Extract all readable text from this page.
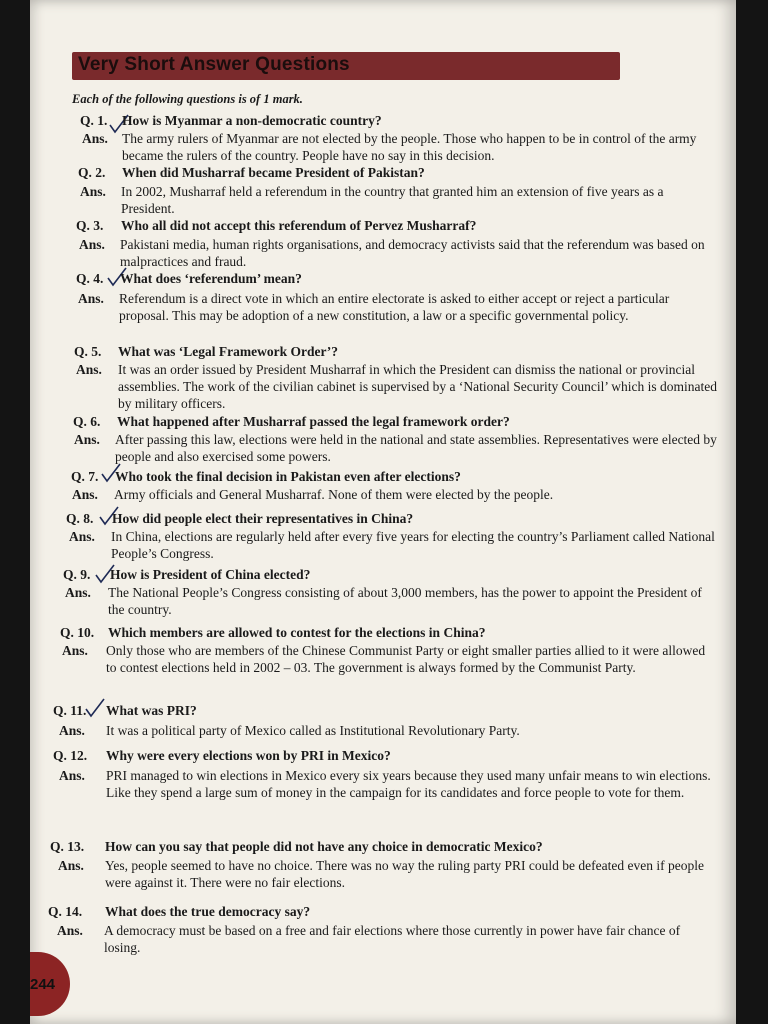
Very Short Answer Questions
Each of the following questions is of 1 mark.
244
Q. 1. How is Myanmar a non-democratic country?
Ans. The army rulers of Myanmar are not elected by the people. Those who happen to be in control of the army became the rulers of the country. People have no say in this decision.
Q. 2. When did Musharraf became President of Pakistan?
Ans. In 2002, Musharraf held a referendum in the country that granted him an extension of five years as a President.
Q. 3. Who all did not accept this referendum of Pervez Musharraf?
Ans. Pakistani media, human rights organisations, and democracy activists said that the referendum was based on malpractices and fraud.
Q. 4. What does ‘referendum’ mean?
Ans. Referendum is a direct vote in which an entire electorate is asked to either accept or reject a particular proposal. This may be adoption of a new constitution, a law or a specific governmental policy.
Q. 5. What was ‘Legal Framework Order’?
Ans. It was an order issued by President Musharraf in which the President can dismiss the national or provincial assemblies. The work of the civilian cabinet is supervised by a ‘National Security Council’ which is dominated by military officers.
Q. 6. What happened after Musharraf passed the legal framework order?
Ans. After passing this law, elections were held in the national and state assemblies. Representatives were elected by people and also exercised some powers.
Q. 7. Who took the final decision in Pakistan even after elections?
Ans. Army officials and General Musharraf. None of them were elected by the people.
Q. 8. How did people elect their representatives in China?
Ans. In China, elections are regularly held after every five years for electing the country’s Parliament called National People’s Congress.
Q. 9. How is President of China elected?
Ans. The National People’s Congress consisting of about 3,000 members, has the power to appoint the President of the country.
Q. 10. Which members are allowed to contest for the elections in China?
Ans. Only those who are members of the Chinese Communist Party or eight smaller parties allied to it were allowed to contest elections held in 2002 – 03. The government is always formed by the Communist Party.
Q. 11. What was PRI?
Ans. It was a political party of Mexico called as Institutional Revolutionary Party.
Q. 12. Why were every elections won by PRI in Mexico?
Ans. PRI managed to win elections in Mexico every six years because they used many unfair means to win elections. Like they spend a large sum of money in the campaign for its candidates and force people to vote for them.
Q. 13. How can you say that people did not have any choice in democratic Mexico?
Ans. Yes, people seemed to have no choice. There was no way the ruling party PRI could be defeated even if people were against it. There were no fair elections.
Q. 14. What does the true democracy say?
Ans. A democracy must be based on a free and fair elections where those currently in power have fair chance of losing.
